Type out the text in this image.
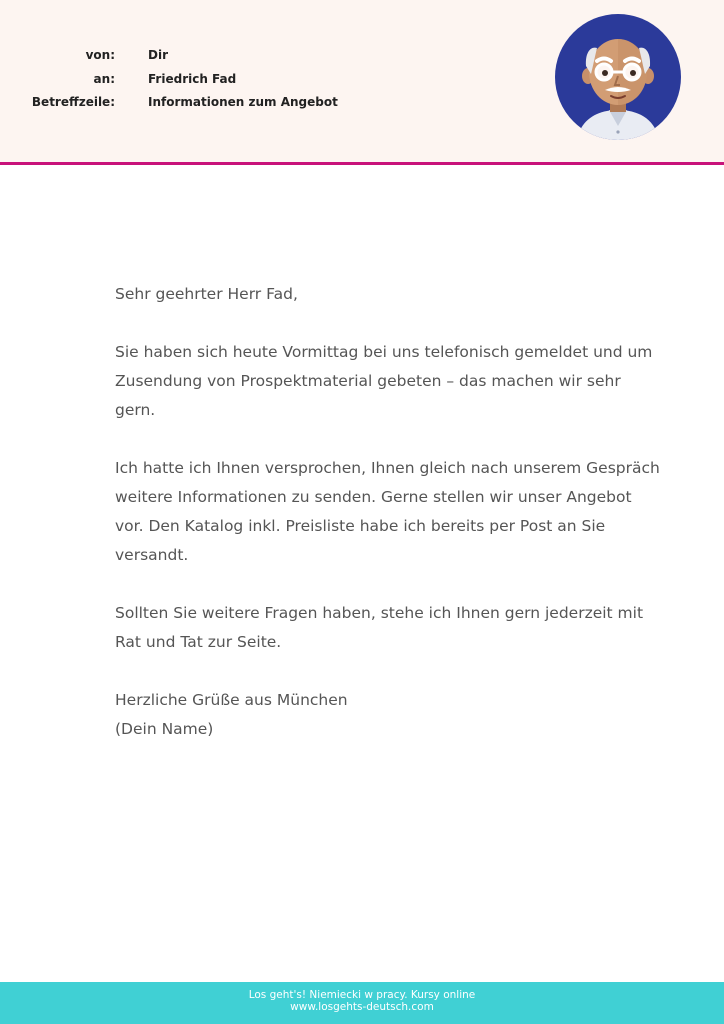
von:	Dir
an:	Friedrich Fad
Betreffzeile:	Informationen zum Angebot

Sehr geehrter Herr Fad,

Sie haben sich heute Vormittag bei uns telefonisch gemeldet und um Zusendung von Prospektmaterial gebeten – das machen wir sehr gern.

Ich hatte ich Ihnen versprochen, Ihnen gleich nach unserem Gespräch weitere Informationen zu senden. Gerne stellen wir unser Angebot vor. Den Katalog inkl. Preisliste habe ich bereits per Post an Sie versandt.

Sollten Sie weitere Fragen haben, stehe ich Ihnen gern jederzeit mit Rat und Tat zur Seite.

Herzliche Grüße aus München

(Dein Name)

Los geht's! Niemiecki w pracy. Kursy online
www.losgehts-deutsch.com
